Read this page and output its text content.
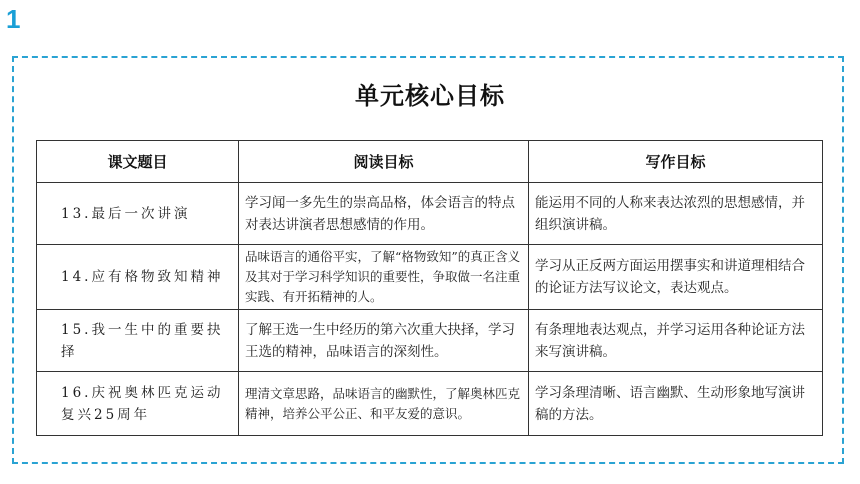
1
单元核心目标
课文题目	阅读目标	写作目标
13.最后一次讲演	学习闻一多先生的崇高品格，体会语言的特点对表达讲演者思想感情的作用。	能运用不同的人称来表达浓烈的思想感情，并组织演讲稿。
14.应有格物致知精神	品味语言的通俗平实，了解“格物致知”的真正含义及其对于学习科学知识的重要性，争取做一名注重实践、有开拓精神的人。	学习从正反两方面运用摆事实和讲道理相结合的论证方法写议论文，表达观点。
15.我一生中的重要抉择	了解王选一生中经历的第六次重大抉择，学习王选的精神，品味语言的深刻性。	有条理地表达观点，并学习运用各种论证方法来写演讲稿。
16.庆祝奥林匹克运动复兴25周年	理清文章思路，品味语言的幽默性，了解奥林匹克精神，培养公平公正、和平友爱的意识。	学习条理清晰、语言幽默、生动形象地写演讲稿的方法。
